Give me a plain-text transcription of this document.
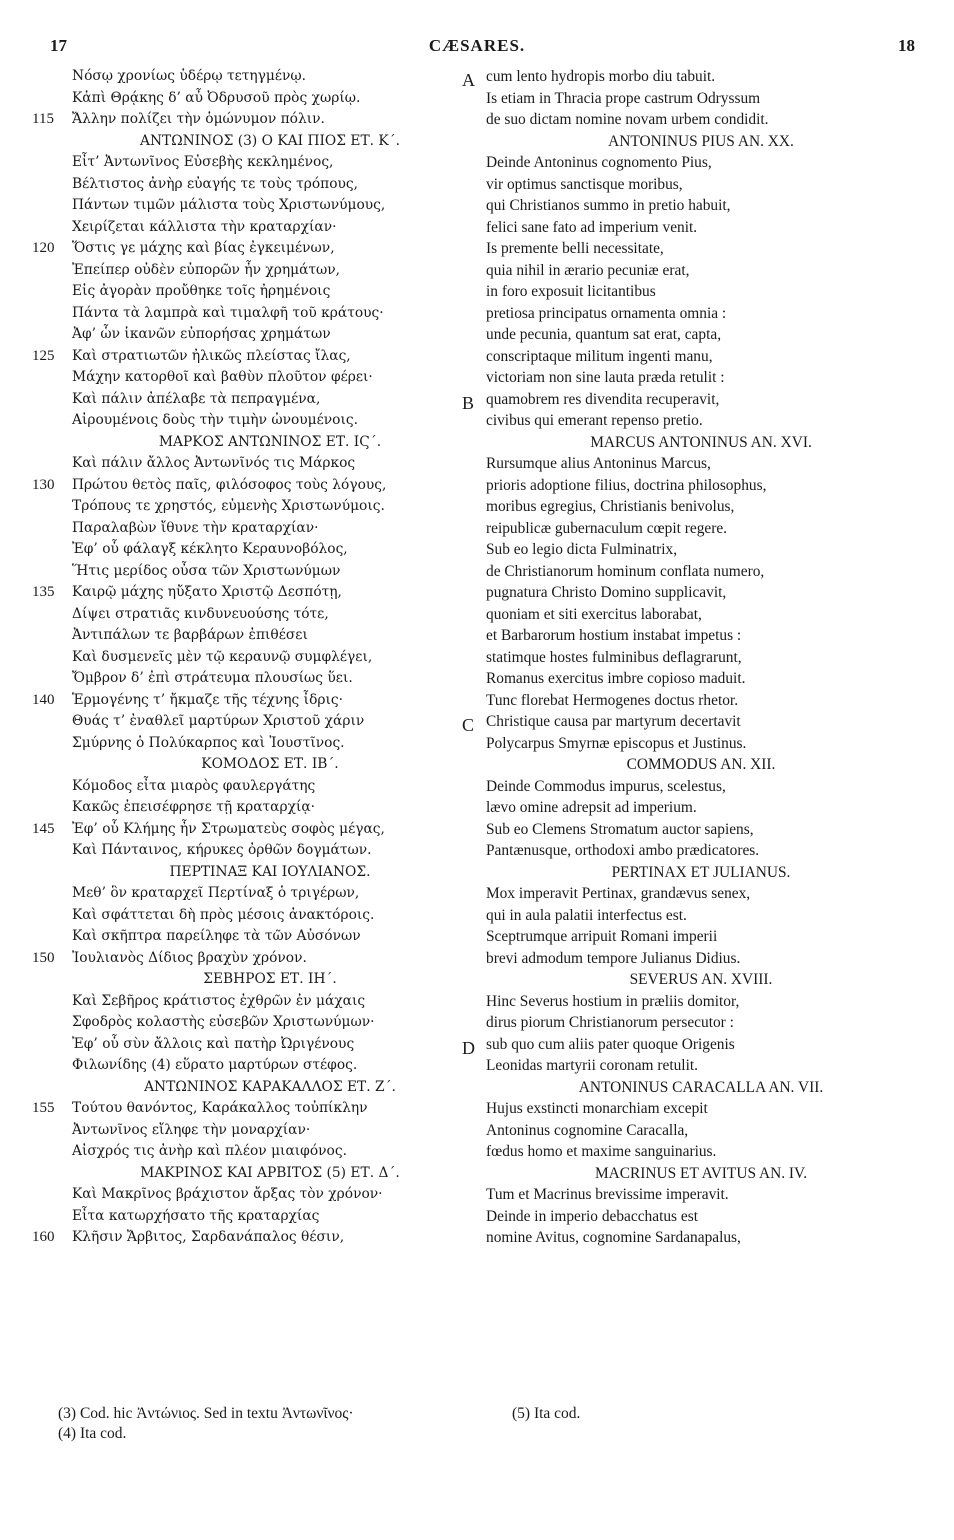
17	CÆSARES.	18
Νόσῳ χρονίως ὑδέρῳ τετηγμένῳ.
Κἀπὶ Θρᾴκης δ’ αὖ Ὀδρυσοῦ πρὸς χωρίῳ.
115 Ἄλλην πολίζει τὴν ὁμώνυμον πόλιν.
ΑΝΤΩΝΙΝΟΣ (3) Ο ΚΑΙ ΠΙΟΣ ΕΤ. Κ΄.
Εἶτ’ Ἀντωνῖνος Εὐσεβὴς κεκλημένος,
Βέλτιστος ἀνὴρ εὐαγής τε τοὺς τρόπους,
Πάντων τιμῶν μάλιστα τοὺς Χριστωνύμους,
Χειρίζεται κάλλιστα τὴν κραταρχίαν·
120 Ὅστις γε μάχης καὶ βίας ἐγκειμένων,
Ἐπείπερ οὐδὲν εὐπορῶν ἦν χρημάτων,
Εἰς ἀγορὰν προὔθηκε τοῖς ἠρημένοις
Πάντα τὰ λαμπρὰ καὶ τιμαλφῆ τοῦ κράτους·
Ἀφ’ ὧν ἱκανῶν εὐπορήσας χρημάτων
125 Καὶ στρατιωτῶν ἠλικῶς πλείστας ἴλας,
Μάχην κατορθοῖ καὶ βαθὺν πλοῦτον φέρει·
Καὶ πάλιν ἀπέλαβε τὰ πεπραγμένα,
Αἰρουμένοις δοὺς τὴν τιμὴν ὠνουμένοις.
ΜΑΡΚΟΣ ΑΝΤΩΝΙΝΟΣ ΕΤ. ΙϚ΄.
Καὶ πάλιν ἄλλος Ἀντωνῖνός τις Μάρκος
130 Πρώτου θετὸς παῖς, φιλόσοφος τοὺς λόγους,
Τρόπους τε χρηστός, εὐμενὴς Χριστωνύμοις.
Παραλαβὼν ἴθυνε τὴν κραταρχίαν·
Ἐφ’ οὗ φάλαγξ κέκλητο Κεραυνοβόλος,
Ἥτις μερίδος οὖσα τῶν Χριστωνύμων
135 Καιρῷ μάχης ηὔξατο Χριστῷ Δεσπότῃ,
Δίψει στρατιᾶς κινδυνευούσης τότε,
Ἀντιπάλων τε βαρβάρων ἐπιθέσει
Καὶ δυσμενεῖς μὲν τῷ κεραυνῷ συμφλέγει,
Ὄμβρον δ’ ἐπὶ στράτευμα πλουσίως ὕει.
140 Ἑρμογένης τ’ ἤκμαζε τῆς τέχνης ἶδρις·
Θυάς τ’ ἐναθλεῖ μαρτύρων Χριστοῦ χάριν
Σμύρνης ὁ Πολύκαρπος καὶ Ἰουστῖνος.
ΚΟΜΟΔΟΣ ΕΤ. ΙΒ΄.
Κόμοδος εἶτα μιαρὸς φαυλεργάτης
Κακῶς ἐπεισέφρησε τῇ κραταρχίᾳ·
145 Ἐφ’ οὗ Κλήμης ἦν Στρωματεὺς σοφὸς μέγας,
Καὶ Πάνταινος, κήρυκες ὀρθῶν δογμάτων.
ΠΕΡΤΙΝΑΞ ΚΑΙ ΙΟΥΛΙΑΝΟΣ.
Μεθ’ ὃν κραταρχεῖ Περτίναξ ὁ τριγέρων,
Καὶ σφάττεται δὴ πρὸς μέσοις ἀνακτόροις.
Καὶ σκῆπτρα παρείληφε τὰ τῶν Αὐσόνων
150 Ἰουλιανὸς Δίδιος βραχὺν χρόνον.
ΣΕΒΗΡΟΣ ΕΤ. ΙΗ΄.
Καὶ Σεβῆρος κράτιστος ἐχθρῶν ἐν μάχαις
Σφοδρὸς κολαστὴς εὐσεβῶν Χριστωνύμων·
Ἐφ’ οὗ σὺν ἄλλοις καὶ πατὴρ Ὠριγένους
Φιλωνίδης (4) εὕρατο μαρτύρων στέφος.
ΑΝΤΩΝΙΝΟΣ ΚΑΡΑΚΑΛΛΟΣ ΕΤ. Ζ΄.
155 Τούτου θανόντος, Καράκαλλος τοὐπίκλην
Ἀντωνῖνος εἴληφε τὴν μοναρχίαν·
Αἰσχρός τις ἀνὴρ καὶ πλέον μιαιφόνος.
ΜΑΚΡΙΝΟΣ ΚΑΙ ΑΡΒΙΤΟΣ (5) ΕΤ. Δ΄.
Καὶ Μακρῖνος βράχιστον ἄρξας τὸν χρόνον·
Εἶτα κατωρχήσατο τῆς κραταρχίας
160 Κλῆσιν Ἄρβιτος, Σαρδανάπαλος θέσιν,
A cum lento hydropis morbo diu tabuit.
Is etiam in Thracia prope castrum Odryssum
de suo dictam nomine novam urbem condidit.
ANTONINUS PIUS AN. XX.
Deinde Antoninus cognomento Pius,
vir optimus sanctisque moribus,
qui Christianos summo in pretio habuit,
felici sane fato ad imperium venit.
Is premente belli necessitate,
quia nihil in ærario pecuniæ erat,
in foro exposuit licitantibus
pretiosa principatus ornamenta omnia :
unde pecunia, quantum sat erat, capta,
conscriptaque militum ingenti manu,
victoriam non sine lauta præda retulit :
B quamobrem res divendita recuperavit,
civibus qui emerant repenso pretio.
MARCUS ANTONINUS AN. XVI.
Rursumque alius Antoninus Marcus,
prioris adoptione filius, doctrina philosophus,
moribus egregius, Christianis benivolus,
reipublicæ gubernaculum cœpit regere.
Sub eo legio dicta Fulminatrix,
de Christianorum hominum conflata numero,
pugnatura Christo Domino supplicavit,
quoniam et siti exercitus laborabat,
et Barbarorum hostium instabat impetus :
statimque hostes fulminibus deflagrarunt,
Romanus exercitus imbre copioso maduit.
Tunc florebat Hermogenes doctus rhetor.
C Christique causa par martyrum decertavit
Polycarpus Smyrnæ episcopus et Justinus.
COMMODUS AN. XII.
Deinde Commodus impurus, scelestus,
lævo omine adrepsit ad imperium.
Sub eo Clemens Stromatum auctor sapiens,
Pantænusque, orthodoxi ambo prædicatores.
PERTINAX ET JULIANUS.
Mox imperavit Pertinax, grandævus senex,
qui in aula palatii interfectus est.
Sceptrumque arripuit Romani imperii
brevi admodum tempore Julianus Didius.
SEVERUS AN. XVIII.
Hinc Severus hostium in præliis domitor,
dirus piorum Christianorum persecutor :
D sub quo cum aliis pater quoque Origenis
Leonidas martyrii coronam retulit.
ANTONINUS CARACALLA AN. VII.
Hujus exstincti monarchiam excepit
Antoninus cognomine Caracalla,
fœdus homo et maxime sanguinarius.
MACRINUS ET AVITUS AN. IV.
Tum et Macrinus brevissime imperavit.
Deinde in imperio debacchatus est
nomine Avitus, cognomine Sardanapalus,
(3) Cod. hic Ἀντώνιος. Sed in textu Ἀντωνῖνος·
(4) Ita cod.
(5) Ita cod.
